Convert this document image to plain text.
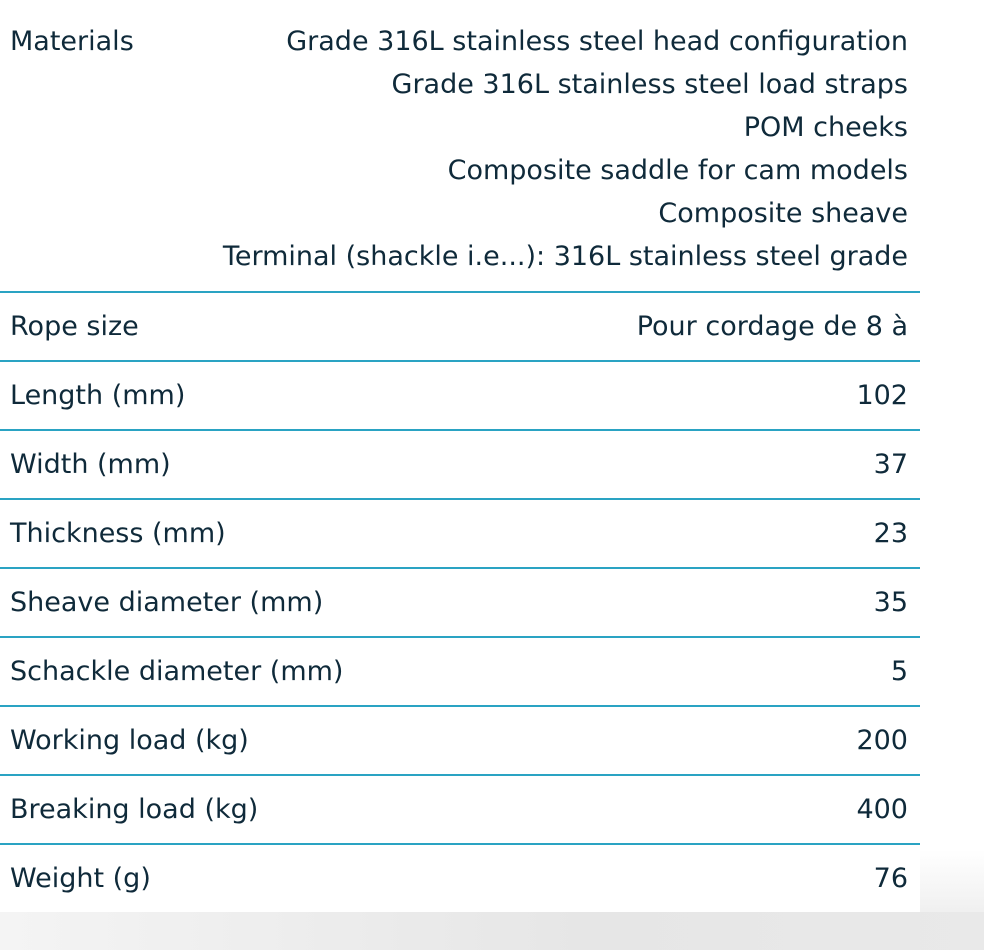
Materials	Grade 316L stainless steel head configuration
Grade 316L stainless steel load straps
POM cheeks
Composite saddle for cam models
Composite sheave
Terminal (shackle i.e...): 316L stainless steel grade
Rope size	Pour cordage de 8 à
Length (mm)	102
Width (mm)	37
Thickness (mm)	23
Sheave diameter (mm)	35
Schackle diameter (mm)	5
Working load (kg)	200
Breaking load (kg)	400
Weight (g)	76
